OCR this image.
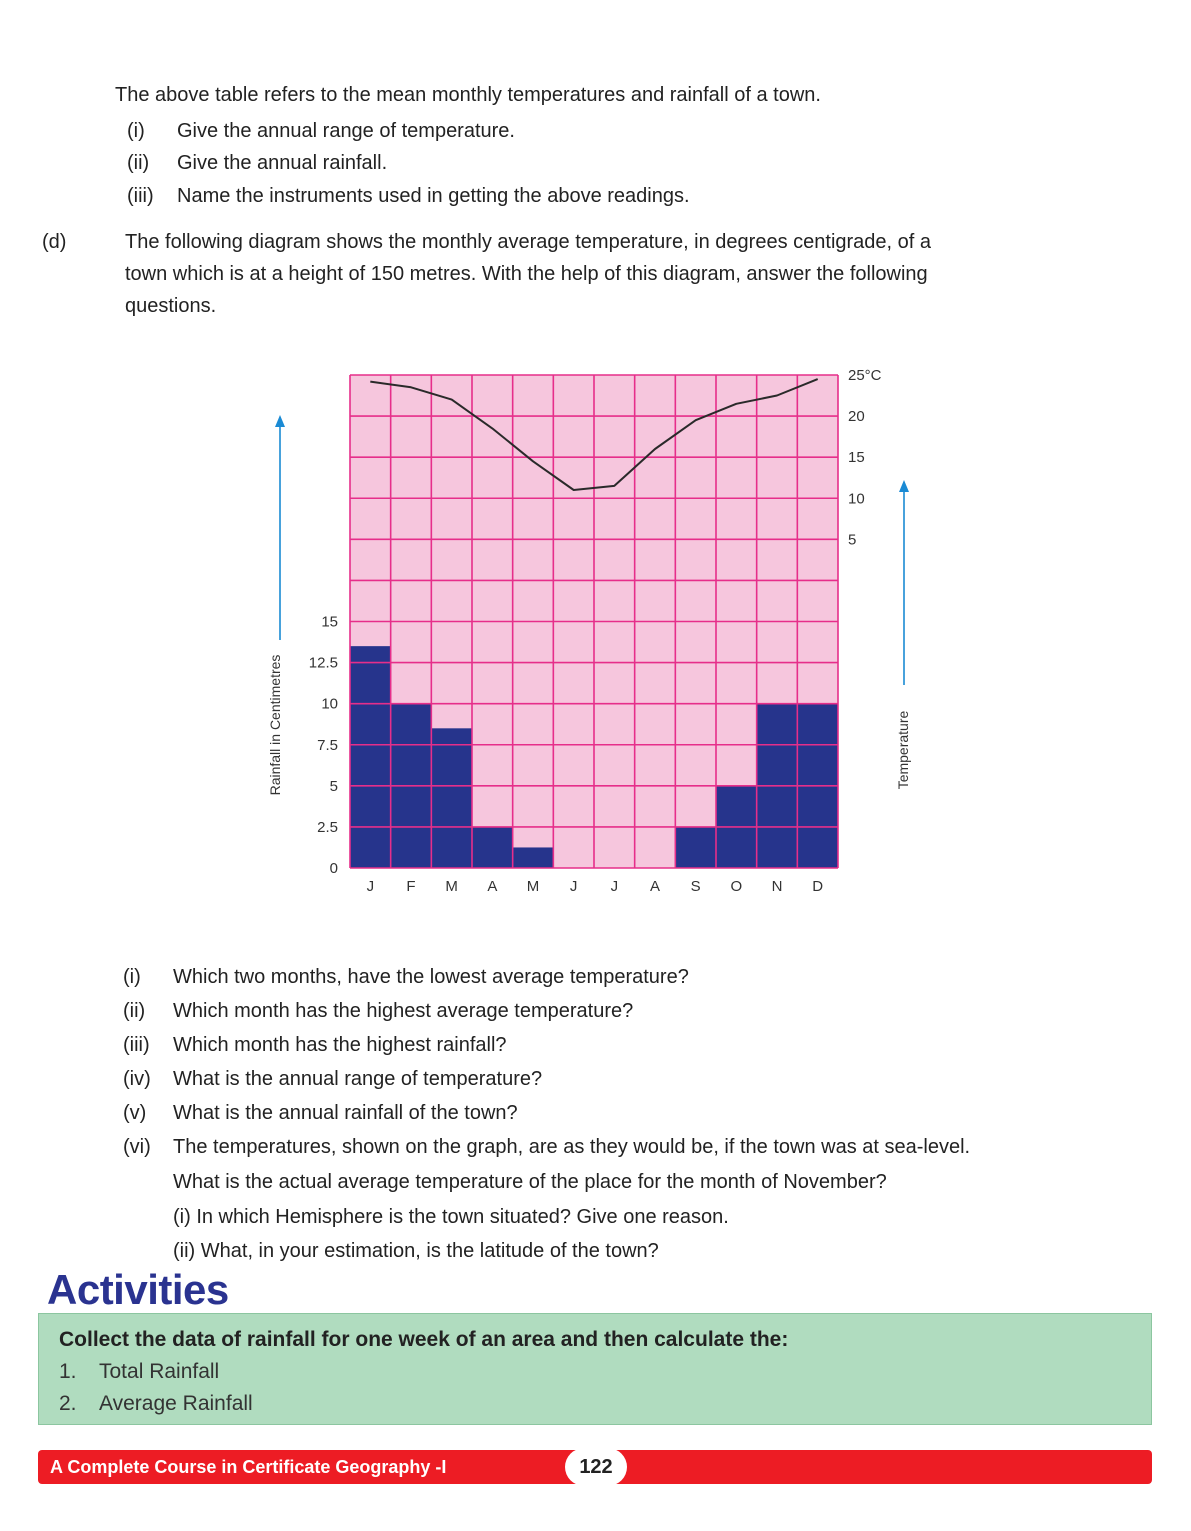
The above table refers to the mean monthly temperatures and rainfall of a town.
(i) Give the annual range of temperature.
(ii) Give the annual rainfall.
(iii) Name the instruments used in getting the above readings.
(d)	The following diagram shows the monthly average temperature, in degrees centigrade, of a
town which is at a height of 150 metres. With the help of this diagram, answer the following
questions.
0
2.5
5
7.5
10
12.5
15
5
10
15
20
25°C
J F M A M J J A S O N D
Rainfall in Centimetres	Temperature
(i) Which two months, have the lowest average temperature?
(ii) Which month has the highest average temperature?
(iii) Which month has the highest rainfall?
(iv) What is the annual range of temperature?
(v) What is the annual rainfall of the town?
(vi) The temperatures, shown on the graph, are as they would be, if the town was at sea-level.
What is the actual average temperature of the place for the month of November?
(i) In which Hemisphere is the town situated? Give one reason.
(ii) What, in your estimation, is the latitude of the town?
Activities
Collect the data of rainfall for one week of an area and then calculate the:
1. Total Rainfall
2. Average Rainfall
A Complete Course in Certificate Geography -I	122
